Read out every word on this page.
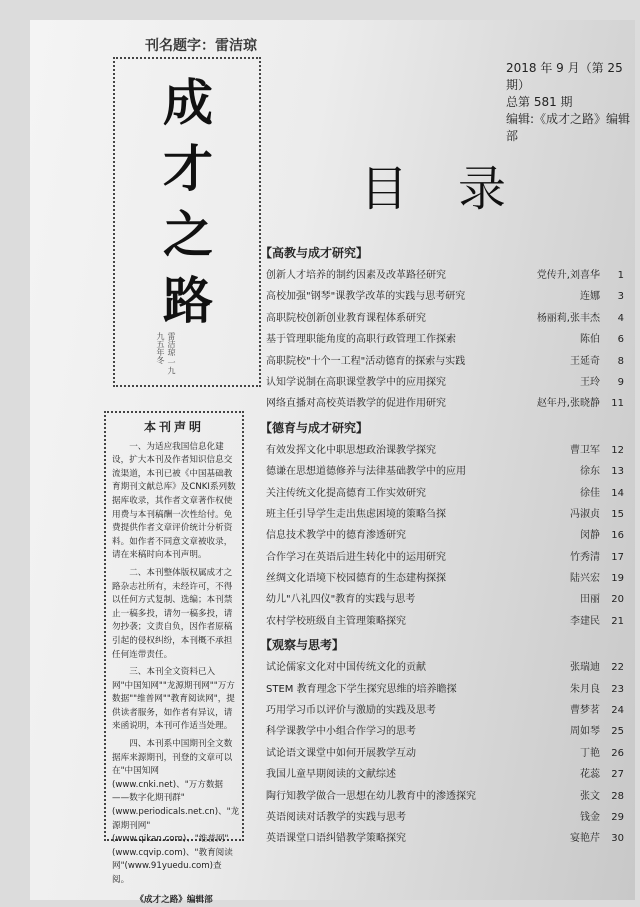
刊名题字：雷洁琼
成
才
之
路
雷洁琼 一九九五年冬
2018 年 9 月（第 25 期）
总第 581 期
编辑:《成才之路》编辑部
目录
本刊声明

一、为适应我国信息化建设，扩大本刊及作者知识信息交流渠道，本刊已被《中国基础教育期刊文献总库》及CNKI系列数据库收录，其作者文章著作权使用费与本刊稿酬一次性给付。免费提供作者文章评价统计分析资料。如作者不同意文章被收录，请在来稿时向本刊声明。

二、本刊整体版权属成才之路杂志社所有，未经许可，不得以任何方式复制、选编；本刊禁止一稿多投，请勿一稿多投，请勿抄袭；文责自负，因作者原稿引起的侵权纠纷，本刊概不承担任何连带责任。

三、本刊全文资料已入网"中国知网""龙源期刊网""万方数据""维普网""教育阅读网"，提供读者服务，如作者有异议，请来函说明，本刊可作适当处理。

四、本刊系中国期刊全文数据库来源期刊，刊登的文章可以在"中国知网(www.cnki.net)、"万方数据——数字化期刊群"(www.periodicals.net.cn)、"龙源期刊网"(www.qikan.com)、"维普网"(www.cqvip.com)、"教育阅读网"(www.91yuedu.com)查阅。

《成才之路》编辑部

【高教与成才研究】
创新人才培养的制约因素及改革路径研究	党传升,刘喜华 1
高校加强"钢琴"课教学改革的实践与思考研究	连娜 3
高职院校创新创业教育课程体系研究	杨丽莉,张丰杰 4
基于管理职能角度的高职行政管理工作探索	陈伯 6
高职院校"十个一工程"活动德育的探索与实践	王延奇 8
认知学说制在高职课堂教学中的应用探究	王玲 9
网络直播对高校英语教学的促进作用研究	赵年丹,张晓静 11
【德育与成才研究】
有效发挥文化中职思想政治课教学探究	曹卫军 12
德谦在思想道德修养与法律基础教学中的应用	徐东 13
关注传统文化提高德育工作实效研究	徐佳 14
班主任引导学生走出焦虑困境的策略刍探	冯淑贞 15
信息技术教学中的德育渗透研究	闵静 16
合作学习在英语后进生转化中的运用研究	竹秀清 17
丝绸文化语境下校园德育的生态建构探探	陆兴宏 19
幼儿"八礼四仪"教育的实践与思考	田丽 20
农村学校班级自主管理策略探究	李建民 21
【观察与思考】
试论儒家文化对中国传统文化的贡献	张瑞迪 22
STEM 教育理念下学生探究思维的培养瞻探	朱月良 23
巧用学习币以评价与激励的实践及思考	曹梦茗 24
科学课教学中小组合作学习的思考	周如琴 25
试论语文课堂中如何开展教学互动	丁艳 26
我国儿童早期阅读的文献综述	花蕊 27
陶行知教学做合一思想在幼儿教育中的渗透探究	张文 28
英语阅读对话教学的实践与思考	钱金 29
英语课堂口语纠错教学策略探究	宴艳芹 30
